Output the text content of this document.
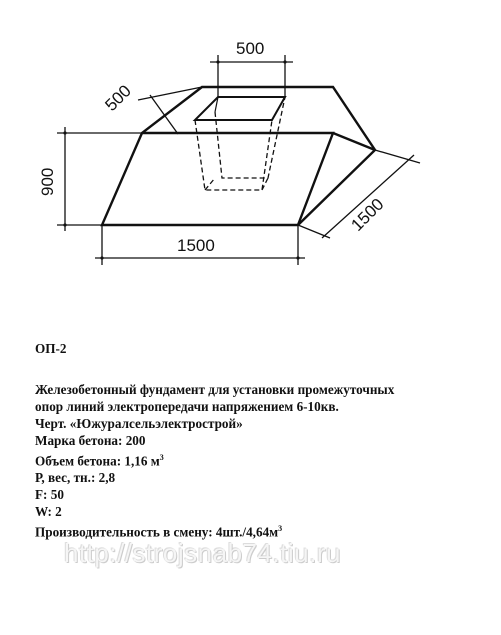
500
500
900
1500
1500

ОП-2

Железобетонный фундамент для установки промежуточных

опор линий электропередачи напряжением 6-10кв.

Черт. «Южуралсельэлектрострой»

Марка бетона: 200

Объем бетона: 1,16 $м^3$

Р, вес, тн.: 2,8

F: 50

W: 2

Производительность в смену: $4шт./4,64м^3$

http://strojsnab74.tiu.ru
